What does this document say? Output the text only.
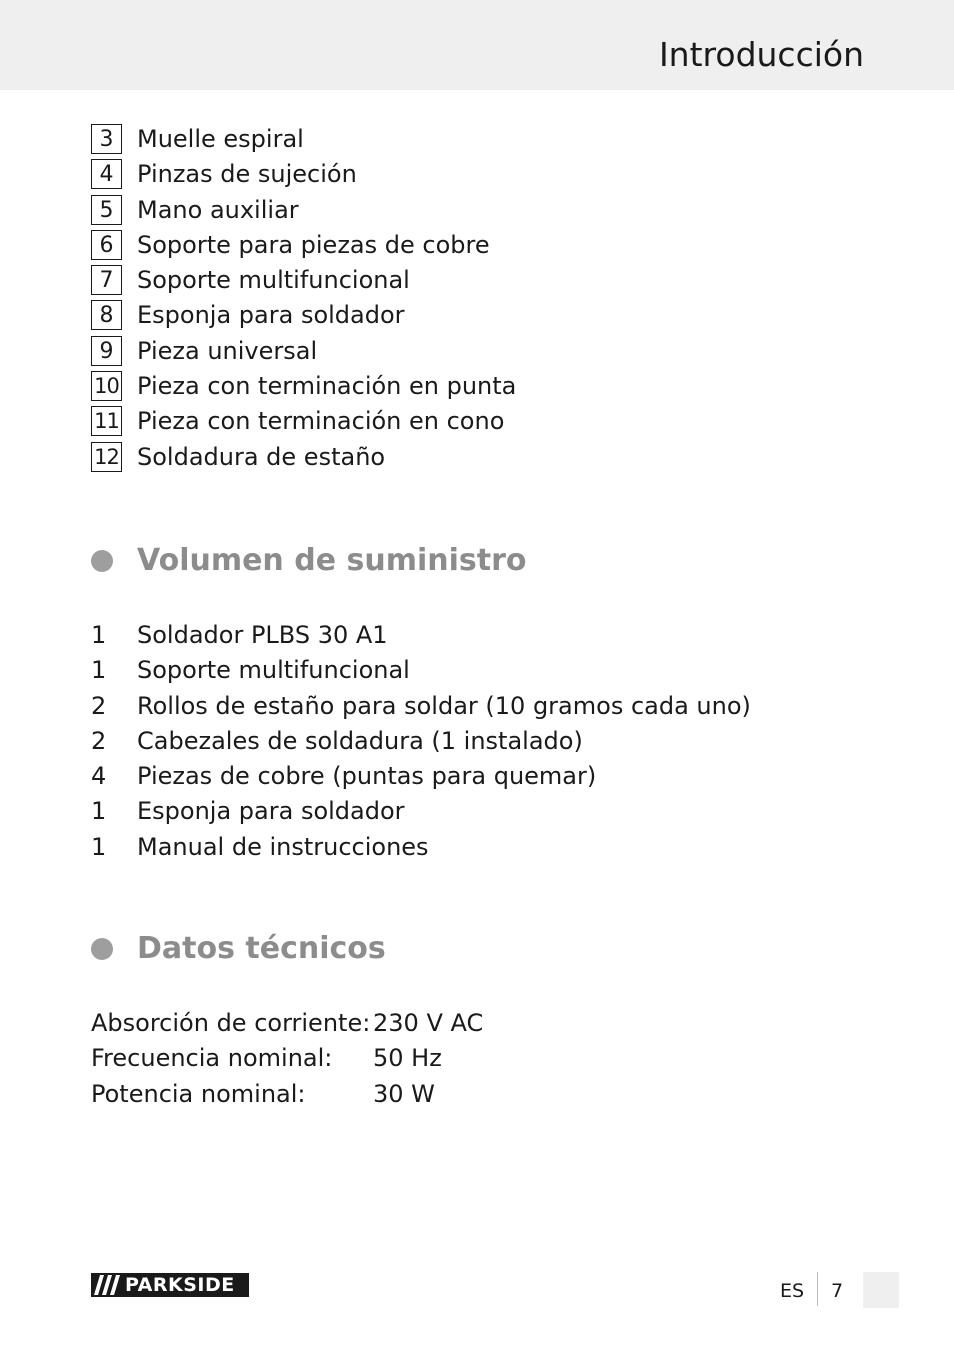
Introducción
3 Muelle espiral
4 Pinzas de sujeción
5 Mano auxiliar
6 Soporte para piezas de cobre
7 Soporte multifuncional
8 Esponja para soldador
9 Pieza universal
10 Pieza con terminación en punta
11 Pieza con terminación en cono
12 Soldadura de estaño
Volumen de suministro
1 Soldador PLBS 30 A1
1 Soporte multifuncional
2 Rollos de estaño para soldar (10 gramos cada uno)
2 Cabezales de soldadura (1 instalado)
4 Piezas de cobre (puntas para quemar)
1 Esponja para soldador
1 Manual de instrucciones
Datos técnicos
Absorción de corriente: 230 V AC
Frecuencia nominal: 50 Hz
Potencia nominal:	30 W
PARKSIDE	ES 7
